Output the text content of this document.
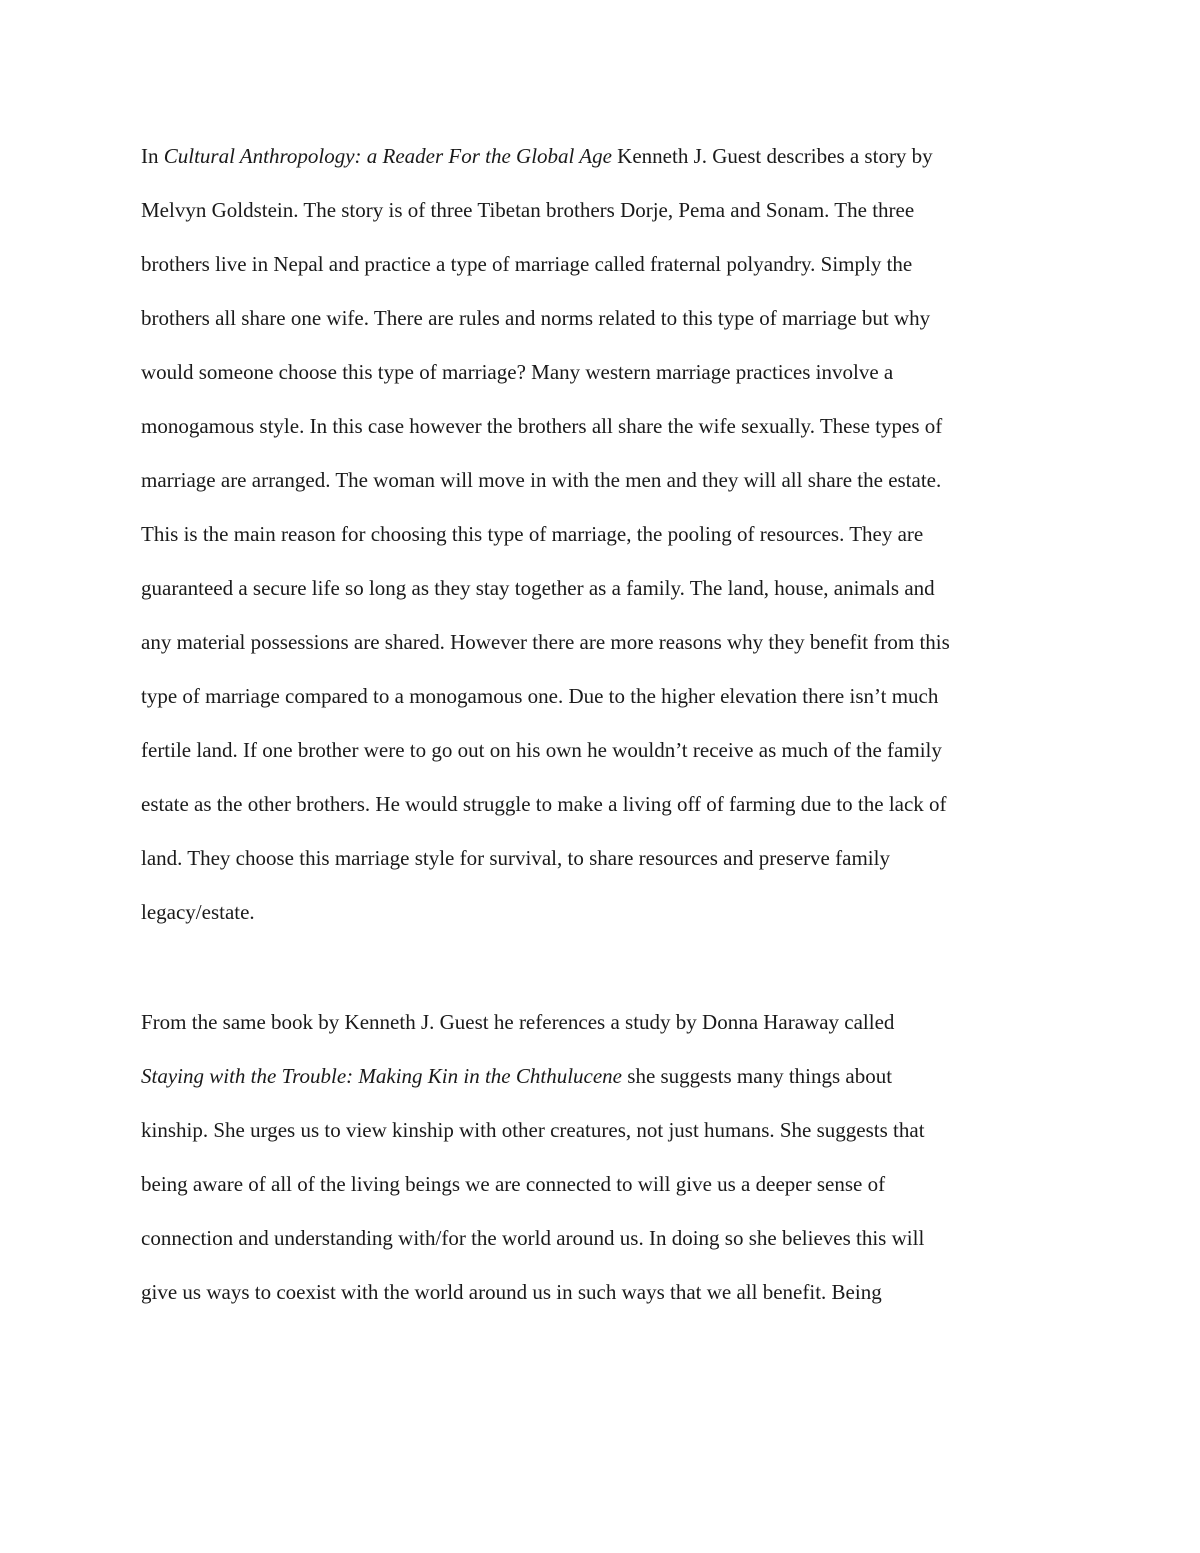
In Cultural Anthropology: a Reader For the Global Age Kenneth J. Guest describes a story by
Melvyn Goldstein. The story is of three Tibetan brothers Dorje, Pema and Sonam. The three
brothers live in Nepal and practice a type of marriage called fraternal polyandry. Simply the
brothers all share one wife. There are rules and norms related to this type of marriage but why
would someone choose this type of marriage? Many western marriage practices involve a
monogamous style. In this case however the brothers all share the wife sexually. These types of
marriage are arranged. The woman will move in with the men and they will all share the estate.
This is the main reason for choosing this type of marriage, the pooling of resources. They are
guaranteed a secure life so long as they stay together as a family. The land, house, animals and
any material possessions are shared. However there are more reasons why they benefit from this
type of marriage compared to a monogamous one. Due to the higher elevation there isn’t much
fertile land. If one brother were to go out on his own he wouldn’t receive as much of the family
estate as the other brothers. He would struggle to make a living off of farming due to the lack of
land. They choose this marriage style for survival, to share resources and preserve family
legacy/estate.
From the same book by Kenneth J. Guest he references a study by Donna Haraway called
Staying with the Trouble: Making Kin in the Chthulucene she suggests many things about
kinship. She urges us to view kinship with other creatures, not just humans. She suggests that
being aware of all of the living beings we are connected to will give us a deeper sense of
connection and understanding with/for the world around us. In doing so she believes this will
give us ways to coexist with the world around us in such ways that we all benefit. Being
